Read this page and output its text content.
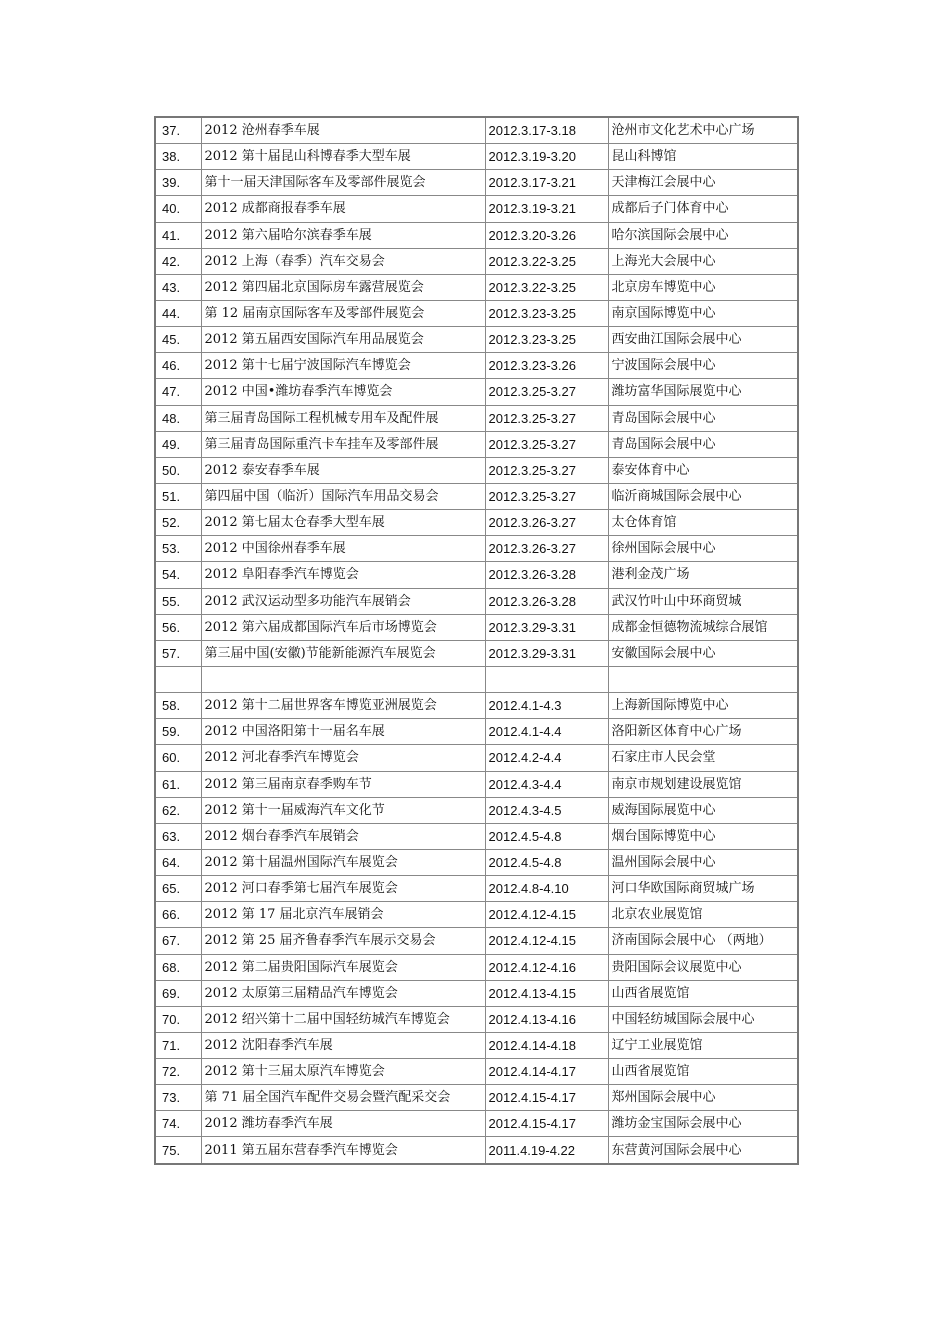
37.	2012 沧州春季车展	2012.3.17-3.18	沧州市文化艺术中心广场
38.	2012 第十届昆山科博春季大型车展	2012.3.19-3.20	昆山科博馆
39.	第十一届天津国际客车及零部件展览会	2012.3.17-3.21	天津梅江会展中心
40.	2012 成都商报春季车展	2012.3.19-3.21	成都后子门体育中心
41.	2012 第六届哈尔滨春季车展	2012.3.20-3.26	哈尔滨国际会展中心
42.	2012 上海（春季）汽车交易会	2012.3.22-3.25	上海光大会展中心
43.	2012 第四届北京国际房车露营展览会	2012.3.22-3.25	北京房车博览中心
44.	第 12 届南京国际客车及零部件展览会	2012.3.23-3.25	南京国际博览中心
45.	2012 第五届西安国际汽车用品展览会	2012.3.23-3.25	西安曲江国际会展中心
46.	2012 第十七届宁波国际汽车博览会	2012.3.23-3.26	宁波国际会展中心
47.	2012 中国•潍坊春季汽车博览会	2012.3.25-3.27	潍坊富华国际展览中心
48.	第三届青岛国际工程机械专用车及配件展	2012.3.25-3.27	青岛国际会展中心
49.	第三届青岛国际重汽卡车挂车及零部件展	2012.3.25-3.27	青岛国际会展中心
50.	2012 泰安春季车展	2012.3.25-3.27	泰安体育中心
51.	第四届中国（临沂）国际汽车用品交易会	2012.3.25-3.27	临沂商城国际会展中心
52.	2012 第七届太仓春季大型车展	2012.3.26-3.27	太仓体育馆
53.	2012 中国徐州春季车展	2012.3.26-3.27	徐州国际会展中心
54.	2012 阜阳春季汽车博览会	2012.3.26-3.28	港利金茂广场
55.	2012 武汉运动型多功能汽车展销会	2012.3.26-3.28	武汉竹叶山中环商贸城
56.	2012 第六届成都国际汽车后市场博览会	2012.3.29-3.31	成都金恒德物流城综合展馆
57.	第三届中国(安徽)节能新能源汽车展览会	2012.3.29-3.31	安徽国际会展中心

58.	2012 第十二届世界客车博览亚洲展览会	2012.4.1-4.3	上海新国际博览中心
59.	2012 中国洛阳第十一届名车展	2012.4.1-4.4	洛阳新区体育中心广场
60.	2012 河北春季汽车博览会	2012.4.2-4.4	石家庄市人民会堂
61.	2012 第三届南京春季购车节	2012.4.3-4.4	南京市规划建设展览馆
62.	2012 第十一届威海汽车文化节	2012.4.3-4.5	威海国际展览中心
63.	2012 烟台春季汽车展销会	2012.4.5-4.8	烟台国际博览中心
64.	2012 第十届温州国际汽车展览会	2012.4.5-4.8	温州国际会展中心
65.	2012 河口春季第七届汽车展览会	2012.4.8-4.10	河口华欧国际商贸城广场
66.	2012 第 17 届北京汽车展销会	2012.4.12-4.15	北京农业展览馆
67.	2012 第 25 届齐鲁春季汽车展示交易会	2012.4.12-4.15	济南国际会展中心 （两地）
68.	2012 第二届贵阳国际汽车展览会	2012.4.12-4.16	贵阳国际会议展览中心
69.	2012 太原第三届精品汽车博览会	2012.4.13-4.15	山西省展览馆
70.	2012 绍兴第十二届中国轻纺城汽车博览会	2012.4.13-4.16	中国轻纺城国际会展中心
71.	2012 沈阳春季汽车展	2012.4.14-4.18	辽宁工业展览馆
72.	2012 第十三届太原汽车博览会	2012.4.14-4.17	山西省展览馆
73.	第 71 届全国汽车配件交易会暨汽配采交会	2012.4.15-4.17	郑州国际会展中心
74.	2012 潍坊春季汽车展	2012.4.15-4.17	潍坊金宝国际会展中心
75.	2011 第五届东营春季汽车博览会	2011.4.19-4.22	东营黄河国际会展中心
